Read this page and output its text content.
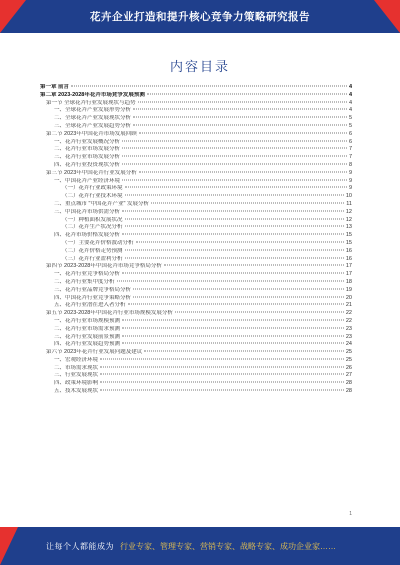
花卉企业打造和提升核心竞争力策略研究报告
内容目录
第一章 前言	4
第二章 2023-2028年花卉市场竞争发展预测	4
第一节 全球花卉行业发展现状与趋势	4
一、全球花卉产业发展形势分析	4
二、全球花卉产业发展现状分析	5
三、全球花卉产业发展趋势分析	5
第二节 2023年中国花卉市场发展回顾	6
一、花卉行业发展概况分析	6
二、花卉行业市场发展分析	7
三、花卉行业市场发展分析	7
四、花卉行业投资现状分析	8
第三节 2023年中国花卉行业发展分析	9
一、中国花卉产业经济环境	9
（一）花卉行业政策环境	9
（二）花卉行业技术环境	10
二、重点城市 "中国花卉产业" 发展分析	11
三、中国花卉市场供需分析	12
（一）种植面积发展状况	12
（二）花卉生产状况分析	13
四、花卉市场价格发展分析	15
（一）主要花卉价格波动分析	15
（二）花卉价格走势预测	16
（三）花卉行业盈利分析	16
第四节 2023-2028年中国花卉市场竞争格局分析	17
一、花卉行业竞争格局分析	17
二、花卉行业集中度分析	18
三、花卉行业品牌竞争格局分析	19
四、中国花卉行业竞争策略分析	20
五、花卉行业潜在进入者分析	21
第五节 2023-2028年中国花卉行业市场规模发展分析	22
一、花卉行业市场规模预测	22
二、花卉行业市场需求预测	23
三、花卉行业发展前景预测	23
四、花卉行业发展趋势预测	24
第六节 2023年花卉行业发展问题及建议	25
一、宏观经济环境	25
二、市场需求现状	26
三、行业发展现状	27
四、政策环境影响	28
五、技术发展现状	28
1
让每个人都能成为 行业专家、管理专家、营销专家、战略专家、成功企业家……
